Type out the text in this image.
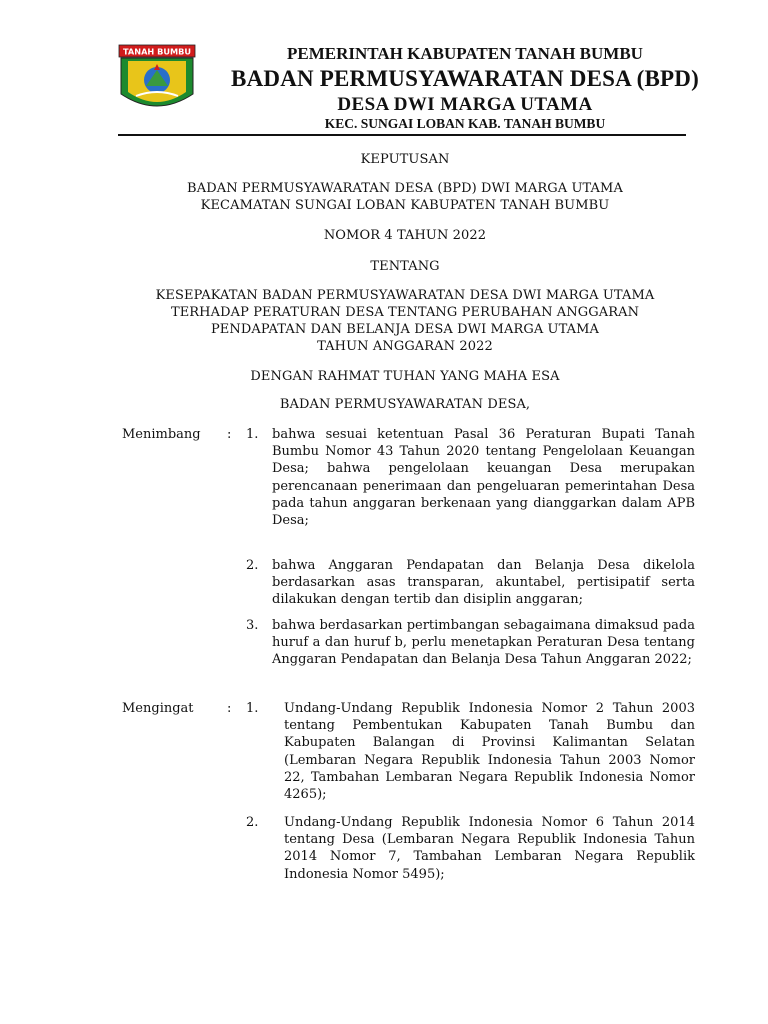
TANAH BUMBU	PEMERINTAH KABUPATEN TANAH BUMBU
BADAN PERMUSYAWARATAN DESA (BPD)
DESA DWI MARGA UTAMA
KEC. SUNGAI LOBAN KAB. TANAH BUMBU
KEPUTUSAN
BADAN PERMUSYAWARATAN DESA (BPD) DWI MARGA UTAMA
KECAMATAN SUNGAI LOBAN KABUPATEN TANAH BUMBU
NOMOR 4 TAHUN 2022
TENTANG
KESEPAKATAN BADAN PERMUSYAWARATAN DESA DWI MARGA UTAMA
TERHADAP PERATURAN DESA TENTANG PERUBAHAN ANGGARAN
PENDAPATAN DAN BELANJA DESA DWI MARGA UTAMA
TAHUN ANGGARAN 2022
DENGAN RAHMAT TUHAN YANG MAHA ESA
BADAN PERMUSYAWARATAN DESA,
Menimbang : 1. bahwa sesuai ketentuan Pasal 36 Peraturan Bupati Tanah Bumbu Nomor 43 Tahun 2020 tentang Pengelolaan Keuangan Desa; bahwa pengelolaan keuangan Desa merupakan perencanaan penerimaan dan pengeluaran pemerintahan Desa pada tahun anggaran berkenaan yang dianggarkan dalam APB Desa;
2. bahwa Anggaran Pendapatan dan Belanja Desa dikelola berdasarkan asas transparan, akuntabel, pertisipatif serta dilakukan dengan tertib dan disiplin anggaran;
3. bahwa berdasarkan pertimbangan sebagaimana dimaksud pada huruf a dan huruf b, perlu menetapkan Peraturan Desa tentang Anggaran Pendapatan dan Belanja Desa Tahun Anggaran 2022;
Mengingat	: 1. Undang-Undang Republik Indonesia Nomor 2 Tahun 2003 tentang Pembentukan Kabupaten Tanah Bumbu dan Kabupaten Balangan di Provinsi Kalimantan Selatan (Lembaran Negara Republik Indonesia Tahun 2003 Nomor 22, Tambahan Lembaran Negara Republik Indonesia Nomor 4265);
2. Undang-Undang Republik Indonesia Nomor 6 Tahun 2014 tentang Desa (Lembaran Negara Republik Indonesia Tahun 2014 Nomor 7, Tambahan Lembaran Negara Republik Indonesia Nomor 5495);
